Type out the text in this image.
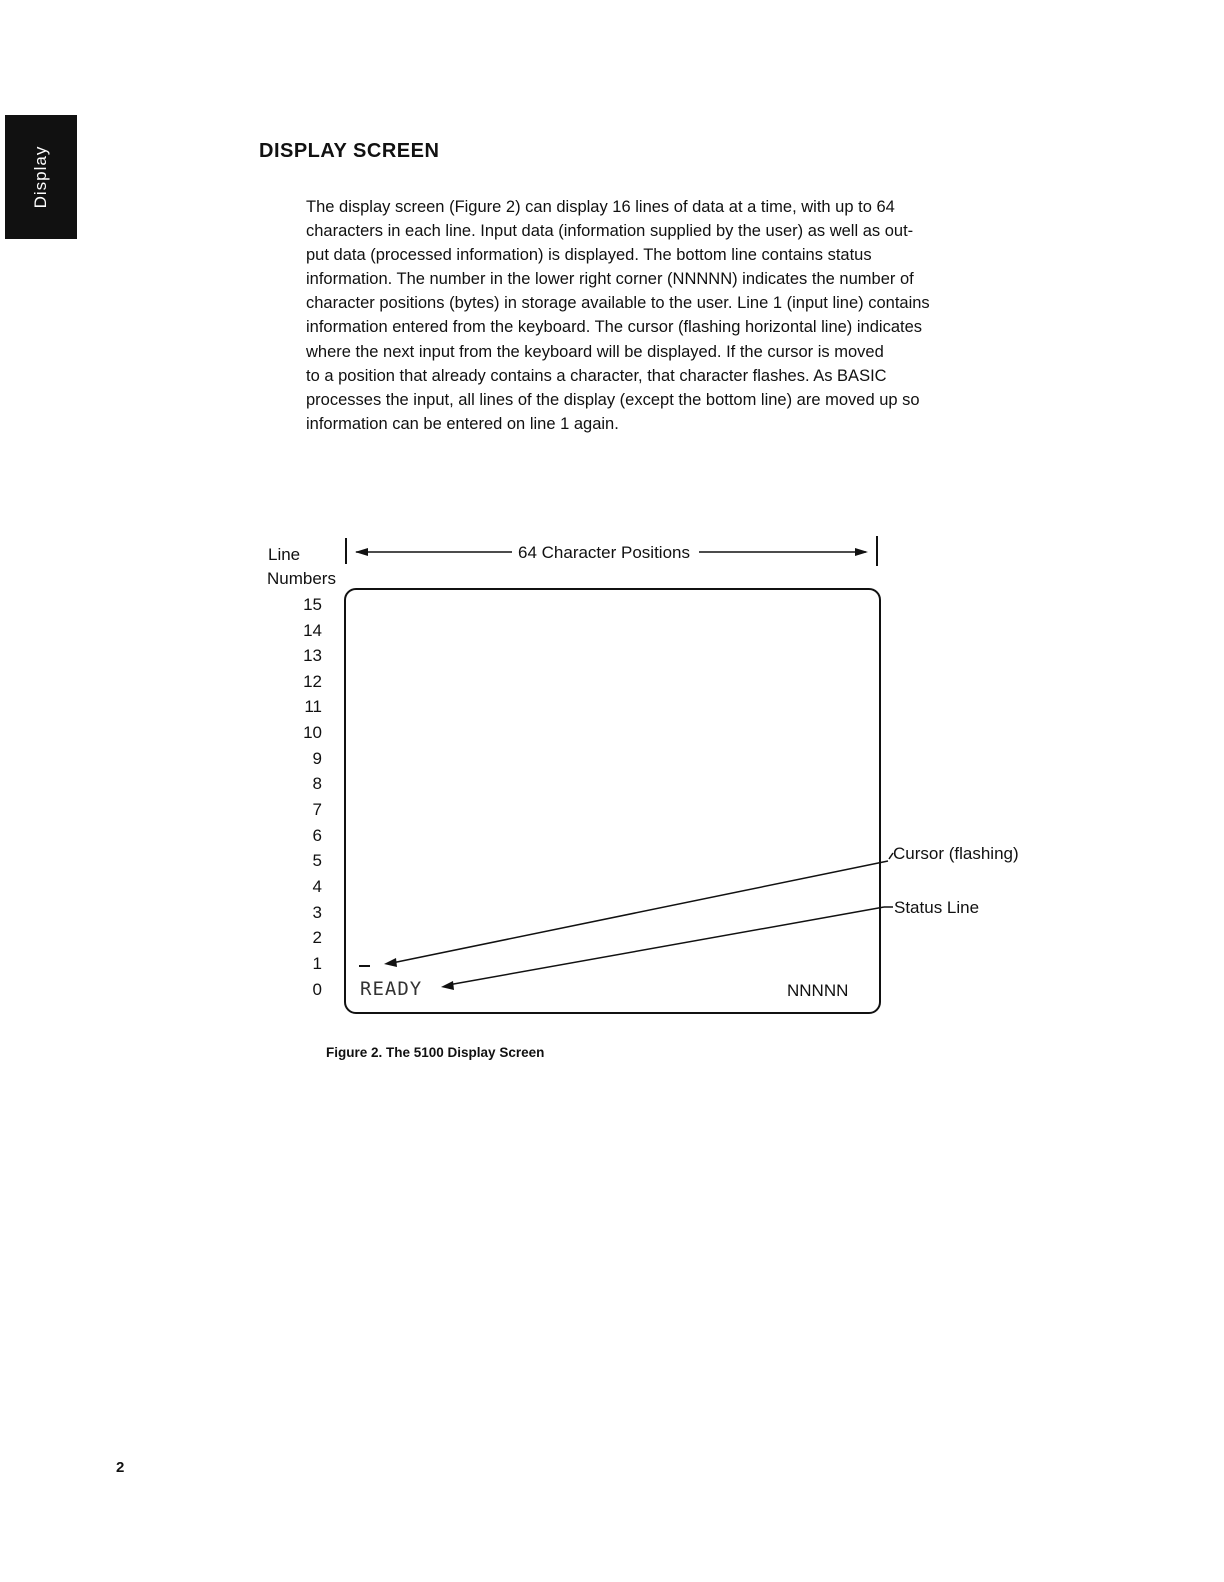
Display	DISPLAY SCREEN

The display screen (Figure 2) can display 16 lines of data at a time, with up to 64
characters in each line. Input data (information supplied by the user) as well as out-
put data (processed information) is displayed. The bottom line contains status
information. The number in the lower right corner (NNNNN) indicates the number of
character positions (bytes) in storage available to the user. Line 1 (input line) contains
information entered from the keyboard. The cursor (flashing horizontal line) indicates
where the next input from the keyboard will be displayed. If the cursor is moved
to a position that already contains a character, that character flashes. As BASIC
processes the input, all lines of the display (except the bottom line) are moved up so
information can be entered on line 1 again.

Line
Numbers
64 Character Positions
15
14
13
12
11
10
9
8
7
6
5
4
3
2
1
0 READY	NNNNN
Cursor (flashing)
Status Line
Figure 2. The 5100 Display Screen
2
